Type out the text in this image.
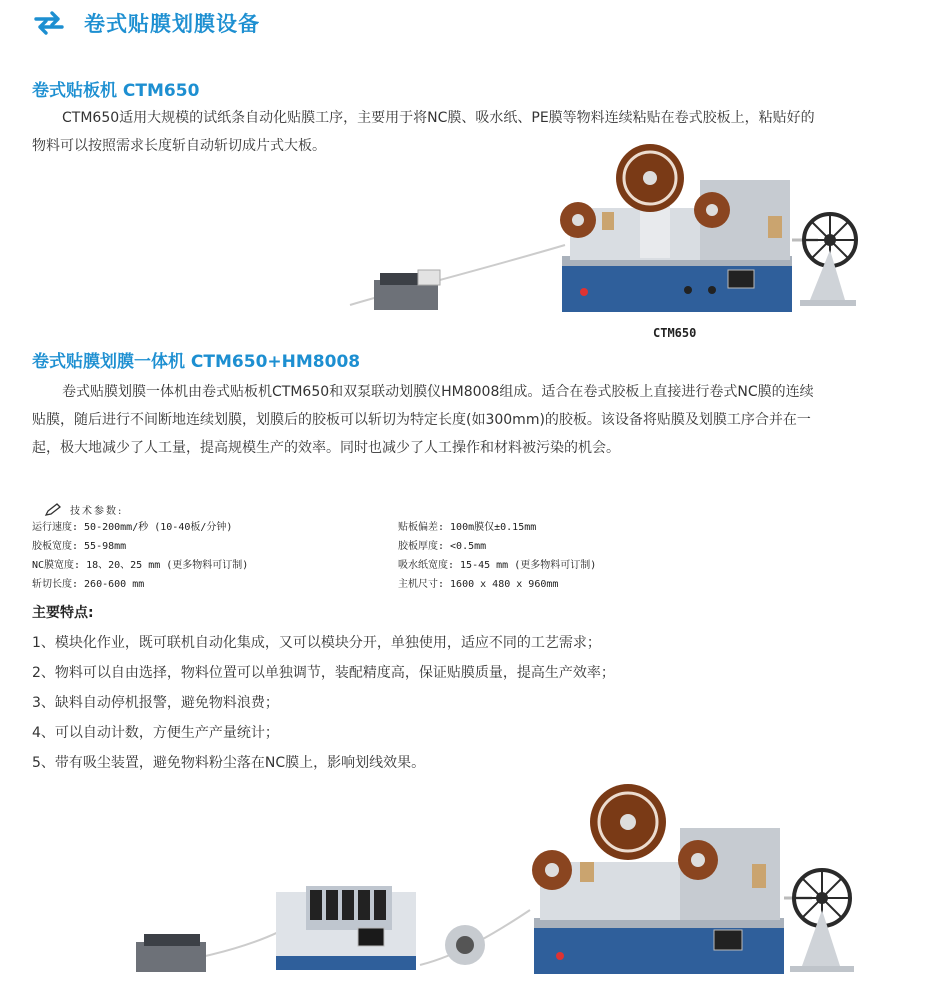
卷式贴膜划膜设备
卷式贴板机 CTM650
CTM650适用大规模的试纸条自动化贴膜工序，主要用于将NC膜、吸水纸、PE膜等物料连续粘贴在卷式胶板上，粘贴好的
物料可以按照需求长度斩自动斩切成片式大板。
CTM650
卷式贴膜划膜一体机 CTM650+HM8008
卷式贴膜划膜一体机由卷式贴板机CTM650和双泵联动划膜仪HM8008组成。适合在卷式胶板上直接进行卷式NC膜的连续
贴膜，随后进行不间断地连续划膜，划膜后的胶板可以斩切为特定长度(如300mm)的胶板。该设备将贴膜及划膜工序合并在一
起，极大地减少了人工量，提高规模生产的效率。同时也减少了人工操作和材料被污染的机会。
技术参数:
运行速度: 50-200mm/秒 (10-40板/分钟)
胶板宽度: 55-98mm
NC膜宽度: 18、20、25 mm (更多物料可订制)
斩切长度: 260-600 mm
贴板偏差: 100m膜仅±0.15mm
胶板厚度: <0.5mm
吸水纸宽度: 15-45 mm (更多物料可订制)
主机尺寸: 1600 x 480 x 960mm
主要特点:
1、模块化作业，既可联机自动化集成，又可以模块分开，单独使用，适应不同的工艺需求；
2、物料可以自由选择，物料位置可以单独调节，装配精度高，保证贴膜质量，提高生产效率；
3、缺料自动停机报警，避免物料浪费；
4、可以自动计数，方便生产产量统计；
5、带有吸尘装置，避免物料粉尘落在NC膜上，影响划线效果。
